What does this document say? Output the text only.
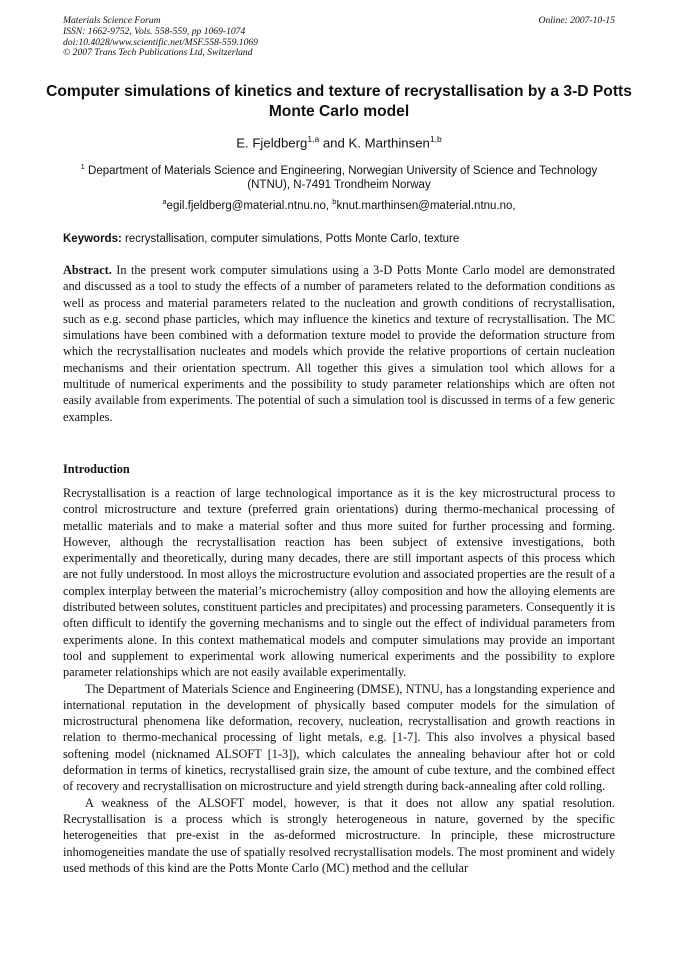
Materials Science Forum
ISSN: 1662-9752, Vols. 558-559, pp 1069-1074
doi:10.4028/www.scientific.net/MSF.558-559.1069
© 2007 Trans Tech Publications Ltd, Switzerland
Online: 2007-10-15
Computer simulations of kinetics and texture of recrystallisation by a 3-D Potts Monte Carlo model
E. Fjeldberg$^{1,a}$ and K. Marthinsen$^{1,b}$
$^1$ Department of Materials Science and Engineering, Norwegian University of Science and Technology (NTNU), N-7491 Trondheim Norway
$^a$egil.fjeldberg@material.ntnu.no, $^b$knut.marthinsen@material.ntnu.no,
Keywords: recrystallisation, computer simulations, Potts Monte Carlo, texture

Abstract. In the present work computer simulations using a 3-D Potts Monte Carlo model are demonstrated and discussed as a tool to study the effects of a number of parameters related to the deformation conditions as well as process and material parameters related to the nucleation and growth conditions of recrystallisation, such as e.g. second phase particles, which may influence the kinetics and texture of recrystallisation. The MC simulations have been combined with a deformation texture model to provide the deformation structure from which the recrystallisation nucleates and models which provide the relative proportions of certain nucleation mechanisms and their orientation spectrum. All together this gives a simulation tool which allows for a multitude of numerical experiments and the possibility to study parameter relationships which are often not easily available from experiments. The potential of such a simulation tool is discussed in terms of a few generic examples.

Introduction

Recrystallisation is a reaction of large technological importance as it is the key microstructural process to control microstructure and texture (preferred grain orientations) during thermo-mechanical processing of metallic materials and to make a material softer and thus more suited for further processing and forming. However, although the recrystallisation reaction has been subject of extensive investigations, both experimentally and theoretically, during many decades, there are still important aspects of this process which are not fully understood. In most alloys the microstructure evolution and associated properties are the result of a complex interplay between the material’s microchemistry (alloy composition and how the alloying elements are distributed between solutes, constituent particles and precipitates) and processing parameters. Consequently it is often difficult to identify the governing mechanisms and to single out the effect of individual parameters from experiments alone. In this context mathematical models and computer simulations may provide an important tool and supplement to experimental work allowing numerical experiments and the possibility to explore parameter relationships which are not easily available experimentally.

The Department of Materials Science and Engineering (DMSE), NTNU, has a longstanding experience and international reputation in the development of physically based computer models for the simulation of microstructural phenomena like deformation, recovery, nucleation, recrystallisation and growth reactions in relation to thermo-mechanical processing of light metals, e.g. [1-7]. This also involves a physical based softening model (nicknamed ALSOFT [1-3]), which calculates the annealing behaviour after hot or cold deformation in terms of kinetics, recrystallised grain size, the amount of cube texture, and the combined effect of recovery and recrystallisation on microstructure and yield strength during back-annealing after cold rolling.

A weakness of the ALSOFT model, however, is that it does not allow any spatial resolution. Recrystallisation is a process which is strongly heterogeneous in nature, governed by the specific heterogeneities that pre-exist in the as-deformed microstructure. In principle, these microstructure inhomogeneities mandate the use of spatially resolved recrystallisation models. The most prominent and widely used methods of this kind are the Potts Monte Carlo (MC) method and the cellular
